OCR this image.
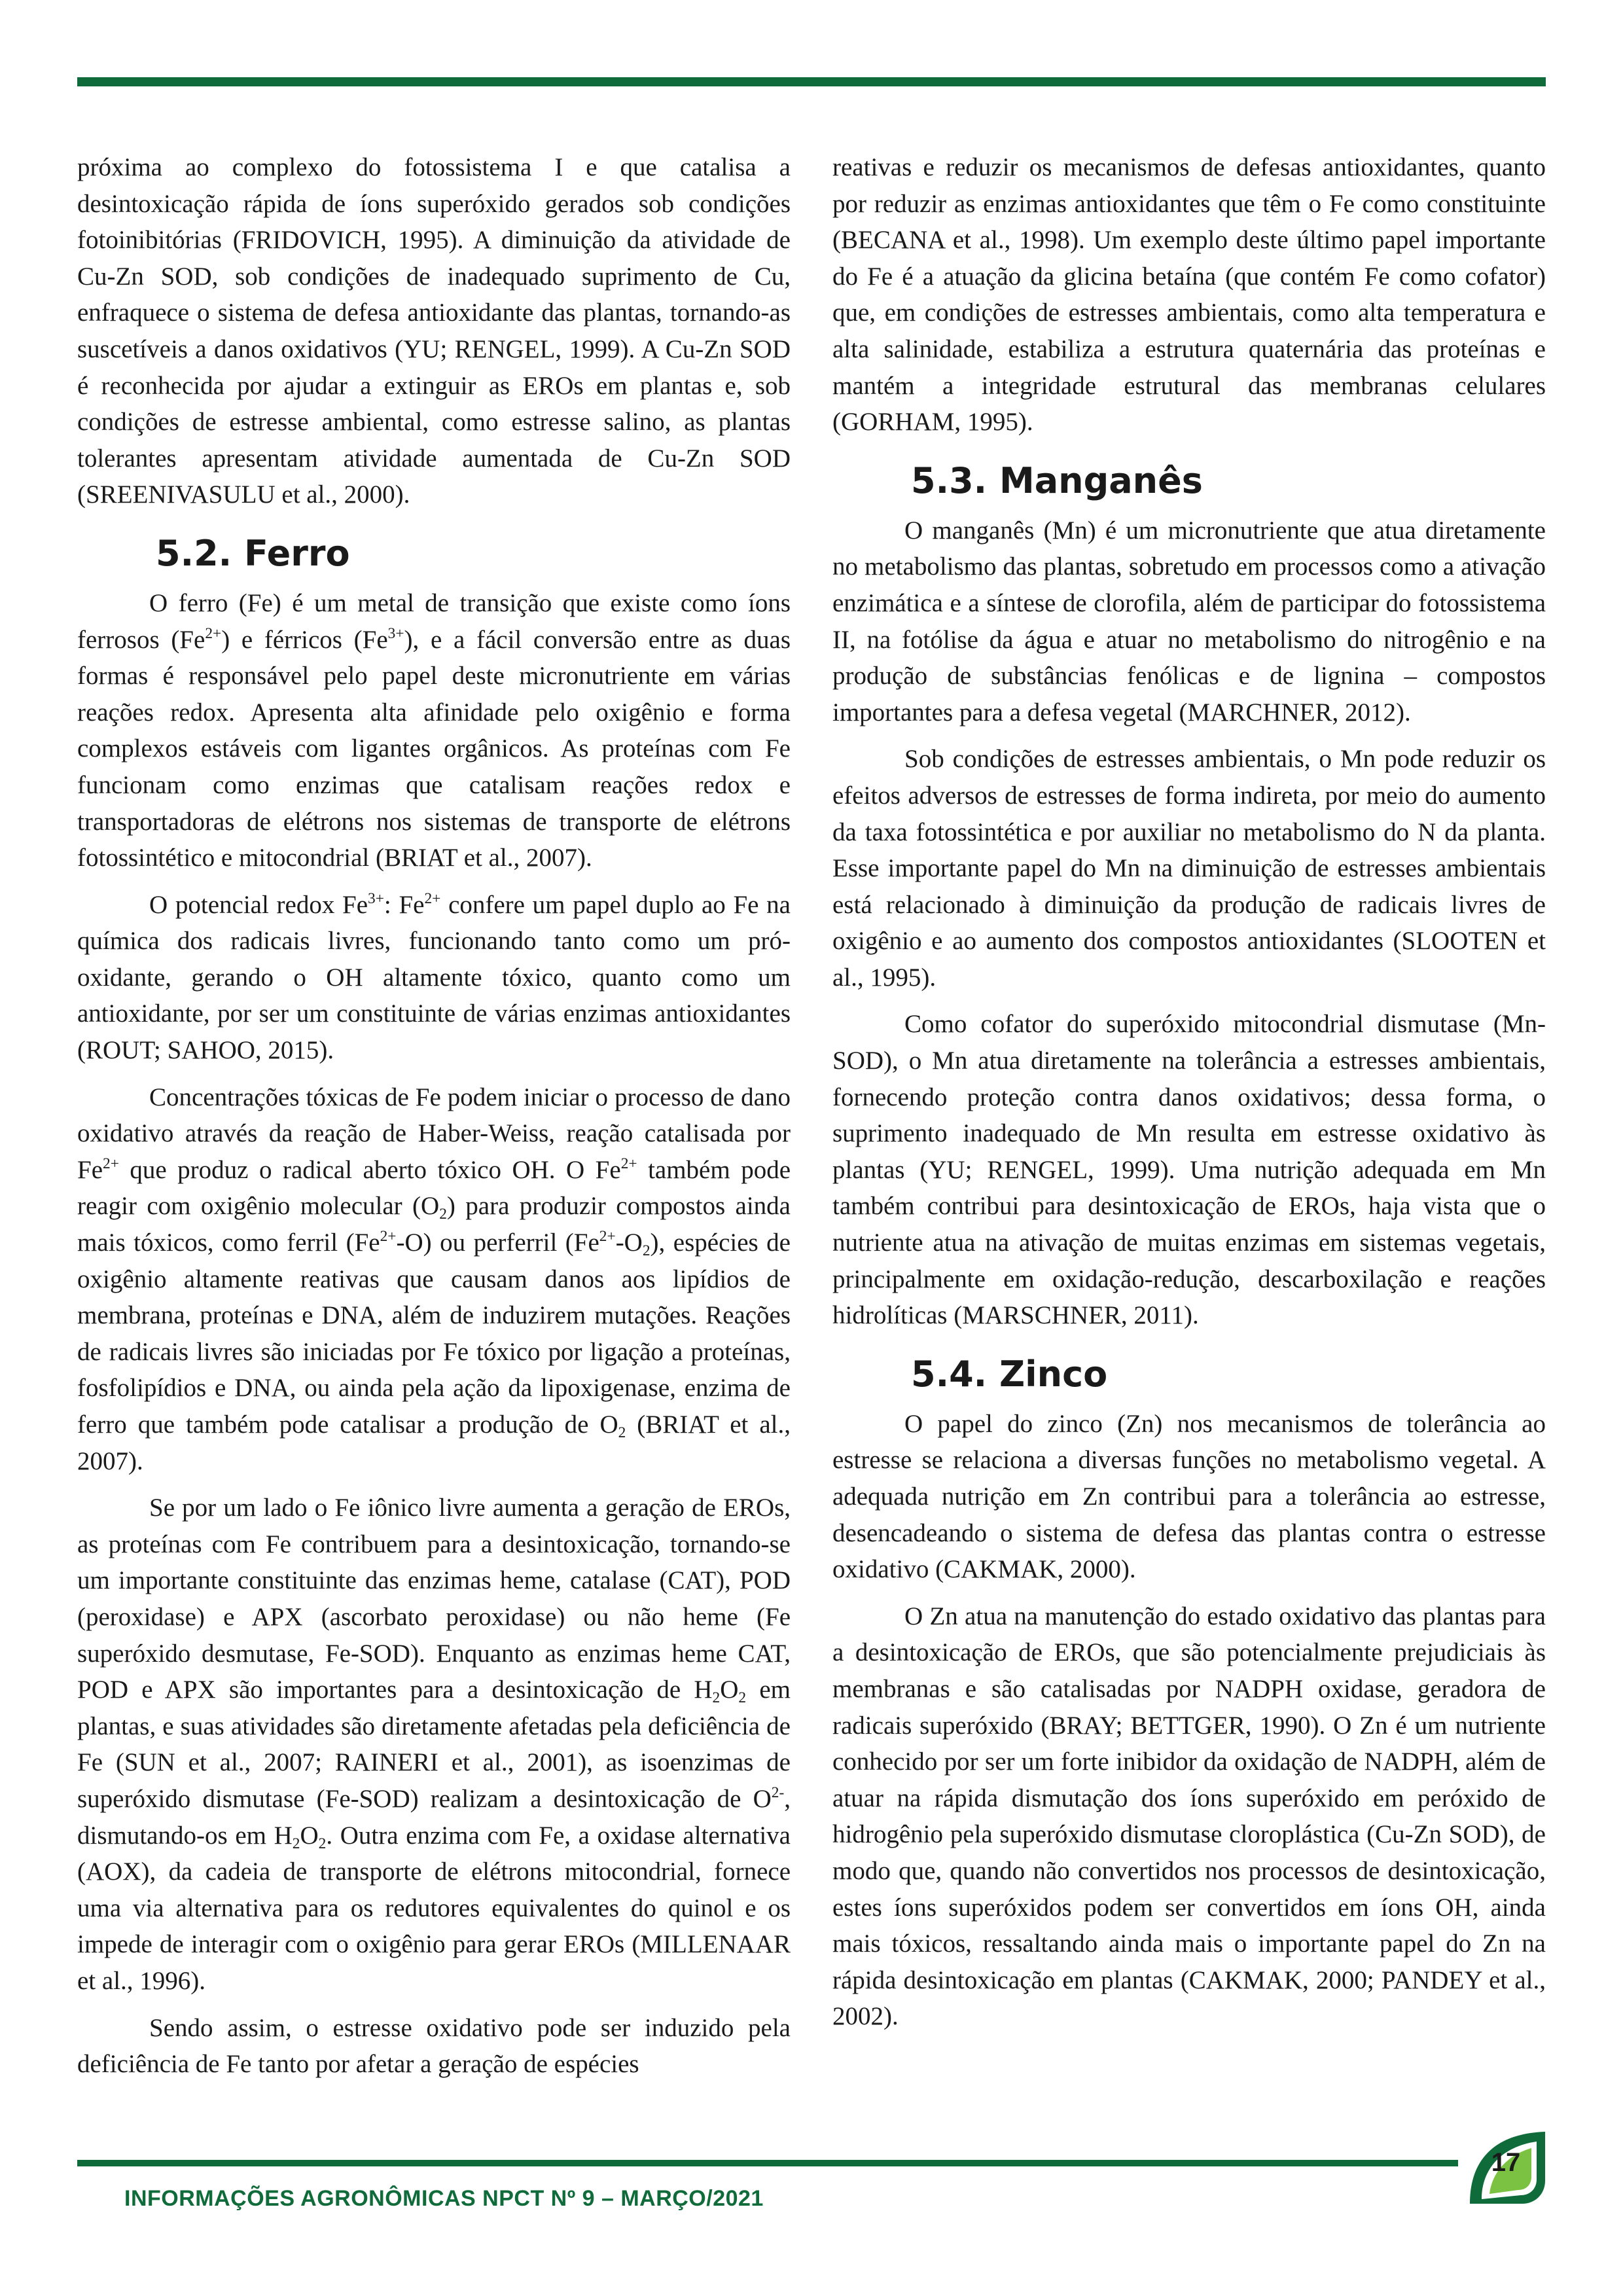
próxima ao complexo do fotossistema I e que catalisa a desintoxicação rápida de íons superóxido gerados sob condições fotoinibitórias (FRIDOVICH, 1995). A diminuição da atividade de Cu-Zn SOD, sob condições de inadequado suprimento de Cu, enfraquece o sistema de defesa antioxidante das plantas, tornando-as suscetíveis a danos oxidativos (YU; RENGEL, 1999). A Cu-Zn SOD é reconhecida por ajudar a extinguir as EROs em plantas e, sob condições de estresse ambiental, como estresse salino, as plantas tolerantes apresentam atividade aumentada de Cu-Zn SOD (SREENIVASULU et al., 2000).

5.2. Ferro

O ferro (Fe) é um metal de transição que existe como íons ferrosos $(Fe^{2+})$ e férricos $(Fe^{3+})$, e a fácil conversão entre as duas formas é responsável pelo papel deste micronutriente em várias reações redox. Apresenta alta afinidade pelo oxigênio e forma complexos estáveis com ligantes orgânicos. As proteínas com Fe funcionam como enzimas que catalisam reações redox e transportadoras de elétrons nos sistemas de transporte de elétrons fotossintético e mitocondrial (BRIAT et al., 2007).

O potencial redox $Fe^{3+}$: $Fe^{2+}$ confere um papel duplo ao Fe na química dos radicais livres, funcionando tanto como um pró-oxidante, gerando o OH altamente tóxico, quanto como um antioxidante, por ser um constituinte de várias enzimas antioxidantes (ROUT; SAHOO, 2015).

Concentrações tóxicas de Fe podem iniciar o processo de dano oxidativo através da reação de Haber-Weiss, reação catalisada por $Fe^{2+}$ que produz o radical aberto tóxico OH. O $Fe^{2+}$ também pode reagir com oxigênio molecular $(O_2)$ para produzir compostos ainda mais tóxicos, como ferril $(Fe^{2+}-O)$ ou perferril $(Fe^{2+}-O_2)$, espécies de oxigênio altamente reativas que causam danos aos lipídios de membrana, proteínas e DNA, além de induzirem mutações. Reações de radicais livres são iniciadas por Fe tóxico por ligação a proteínas, fosfolipídios e DNA, ou ainda pela ação da lipoxigenase, enzima de ferro que também pode catalisar a produção de $O_2$ (BRIAT et al., 2007).

Se por um lado o Fe iônico livre aumenta a geração de EROs, as proteínas com Fe contribuem para a desintoxicação, tornando-se um importante constituinte das enzimas heme, catalase (CAT), POD (peroxidase) e APX (ascorbato peroxidase) ou não heme (Fe superóxido desmutase, Fe-SOD). Enquanto as enzimas heme CAT, POD e APX são importantes para a desintoxicação de $H_2O_2$ em plantas, e suas atividades são diretamente afetadas pela deficiência de Fe (SUN et al., 2007; RAINERI et al., 2001), as isoenzimas de superóxido dismutase (Fe-SOD) realizam a desintoxicação de $O^{2-}$, dismutando-os em $H_2O_2$. Outra enzima com Fe, a oxidase alternativa (AOX), da cadeia de transporte de elétrons mitocondrial, fornece uma via alternativa para os redutores equivalentes do quinol e os impede de interagir com o oxigênio para gerar EROs (MILLENAAR et al., 1996).

Sendo assim, o estresse oxidativo pode ser induzido pela deficiência de Fe tanto por afetar a geração de espécies

reativas e reduzir os mecanismos de defesas antioxidantes, quanto por reduzir as enzimas antioxidantes que têm o Fe como constituinte (BECANA et al., 1998). Um exemplo deste último papel importante do Fe é a atuação da glicina betaína (que contém Fe como cofator) que, em condições de estresses ambientais, como alta temperatura e alta salinidade, estabiliza a estrutura quaternária das proteínas e mantém a integridade estrutural das membranas celulares (GORHAM, 1995).

5.3. Manganês

O manganês (Mn) é um micronutriente que atua diretamente no metabolismo das plantas, sobretudo em processos como a ativação enzimática e a síntese de clorofila, além de participar do fotossistema II, na fotólise da água e atuar no metabolismo do nitrogênio e na produção de substâncias fenólicas e de lignina – compostos importantes para a defesa vegetal (MARCHNER, 2012).

Sob condições de estresses ambientais, o Mn pode reduzir os efeitos adversos de estresses de forma indireta, por meio do aumento da taxa fotossintética e por auxiliar no metabolismo do N da planta. Esse importante papel do Mn na diminuição de estresses ambientais está relacionado à diminuição da produção de radicais livres de oxigênio e ao aumento dos compostos antioxidantes (SLOOTEN et al., 1995).

Como cofator do superóxido mitocondrial dismutase (Mn-SOD), o Mn atua diretamente na tolerância a estresses ambientais, fornecendo proteção contra danos oxidativos; dessa forma, o suprimento inadequado de Mn resulta em estresse oxidativo às plantas (YU; RENGEL, 1999). Uma nutrição adequada em Mn também contribui para desintoxicação de EROs, haja vista que o nutriente atua na ativação de muitas enzimas em sistemas vegetais, principalmente em oxidação-redução, descarboxilação e reações hidrolíticas (MARSCHNER, 2011).

5.4. Zinco

O papel do zinco (Zn) nos mecanismos de tolerância ao estresse se relaciona a diversas funções no metabolismo vegetal. A adequada nutrição em Zn contribui para a tolerância ao estresse, desencadeando o sistema de defesa das plantas contra o estresse oxidativo (CAKMAK, 2000).

O Zn atua na manutenção do estado oxidativo das plantas para a desintoxicação de EROs, que são potencialmente prejudiciais às membranas e são catalisadas por NADPH oxidase, geradora de radicais superóxido (BRAY; BETTGER, 1990). O Zn é um nutriente conhecido por ser um forte inibidor da oxidação de NADPH, além de atuar na rápida dismutação dos íons superóxido em peróxido de hidrogênio pela superóxido dismutase cloroplástica (Cu-Zn SOD), de modo que, quando não convertidos nos processos de desintoxicação, estes íons superóxidos podem ser convertidos em íons OH, ainda mais tóxicos, ressaltando ainda mais o importante papel do Zn na rápida desintoxicação em plantas (CAKMAK, 2000; PANDEY et al., 2002).

INFORMAÇÕES AGRONÔMICAS NPCT Nº 9 – MARÇO/2021
17
